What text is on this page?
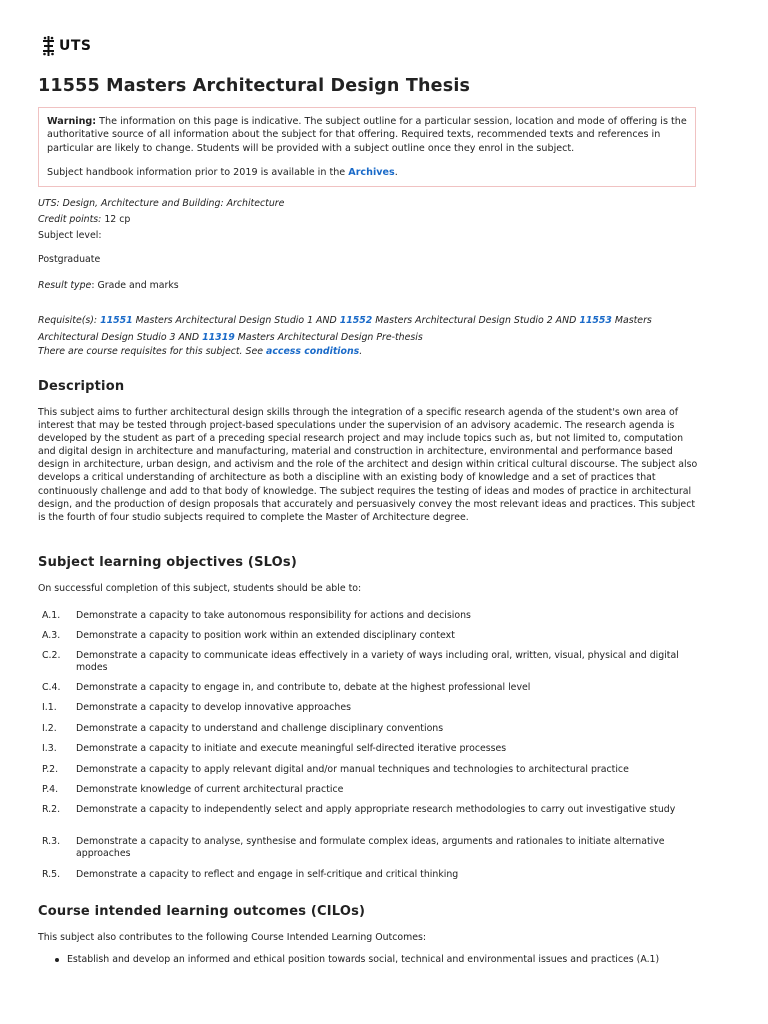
UTS
11555 Masters Architectural Design Thesis

Warning: The information on this page is indicative. The subject outline for a particular session, location and mode of offering is the authoritative source of all information about the subject for that offering. Required texts, recommended texts and references in particular are likely to change. Students will be provided with a subject outline once they enrol in the subject.

Subject handbook information prior to 2019 is available in the Archives.

UTS: Design, Architecture and Building: Architecture
Credit points: 12 cp
Subject level:
Postgraduate
Result type: Grade and marks
Requisite(s): 11551 Masters Architectural Design Studio 1 AND 11552 Masters Architectural Design Studio 2 AND 11553 Masters Architectural Design Studio 3 AND 11319 Masters Architectural Design Pre-thesis
There are course requisites for this subject. See access conditions.
Description

This subject aims to further architectural design skills through the integration of a specific research agenda of the student's own area of interest that may be tested through project-based speculations under the supervision of an advisory academic. The research agenda is developed by the student as part of a preceding special research project and may include topics such as, but not limited to, computation and digital design in architecture and manufacturing, material and construction in architecture, environmental and performance based design in architecture, urban design, and activism and the role of the architect and design within critical cultural discourse. The subject also develops a critical understanding of architecture as both a discipline with an existing body of knowledge and a set of practices that continuously challenge and add to that body of knowledge. The subject requires the testing of ideas and modes of practice in architectural design, and the production of design proposals that accurately and persuasively convey the most relevant ideas and practices. This subject is the fourth of four studio subjects required to complete the Master of Architecture degree.

Subject learning objectives (SLOs)

On successful completion of this subject, students should be able to:

A.1.	Demonstrate a capacity to take autonomous responsibility for actions and decisions
A.3.	Demonstrate a capacity to position work within an extended disciplinary context
C.2.	Demonstrate a capacity to communicate ideas effectively in a variety of ways including oral, written, visual, physical and digital modes
C.4.	Demonstrate a capacity to engage in, and contribute to, debate at the highest professional level
I.1.	Demonstrate a capacity to develop innovative approaches
I.2.	Demonstrate a capacity to understand and challenge disciplinary conventions
I.3.	Demonstrate a capacity to initiate and execute meaningful self-directed iterative processes
P.2.	Demonstrate a capacity to apply relevant digital and/or manual techniques and technologies to architectural practice
P.4.	Demonstrate knowledge of current architectural practice
R.2.	Demonstrate a capacity to independently select and apply appropriate research methodologies to carry out investigative study
R.3.	Demonstrate a capacity to analyse, synthesise and formulate complex ideas, arguments and rationales to initiate alternative approaches
R.5.	Demonstrate a capacity to reflect and engage in self-critique and critical thinking
Course intended learning outcomes (CILOs)

This subject also contributes to the following Course Intended Learning Outcomes:

Establish and develop an informed and ethical position towards social, technical and environmental issues and practices (A.1)
